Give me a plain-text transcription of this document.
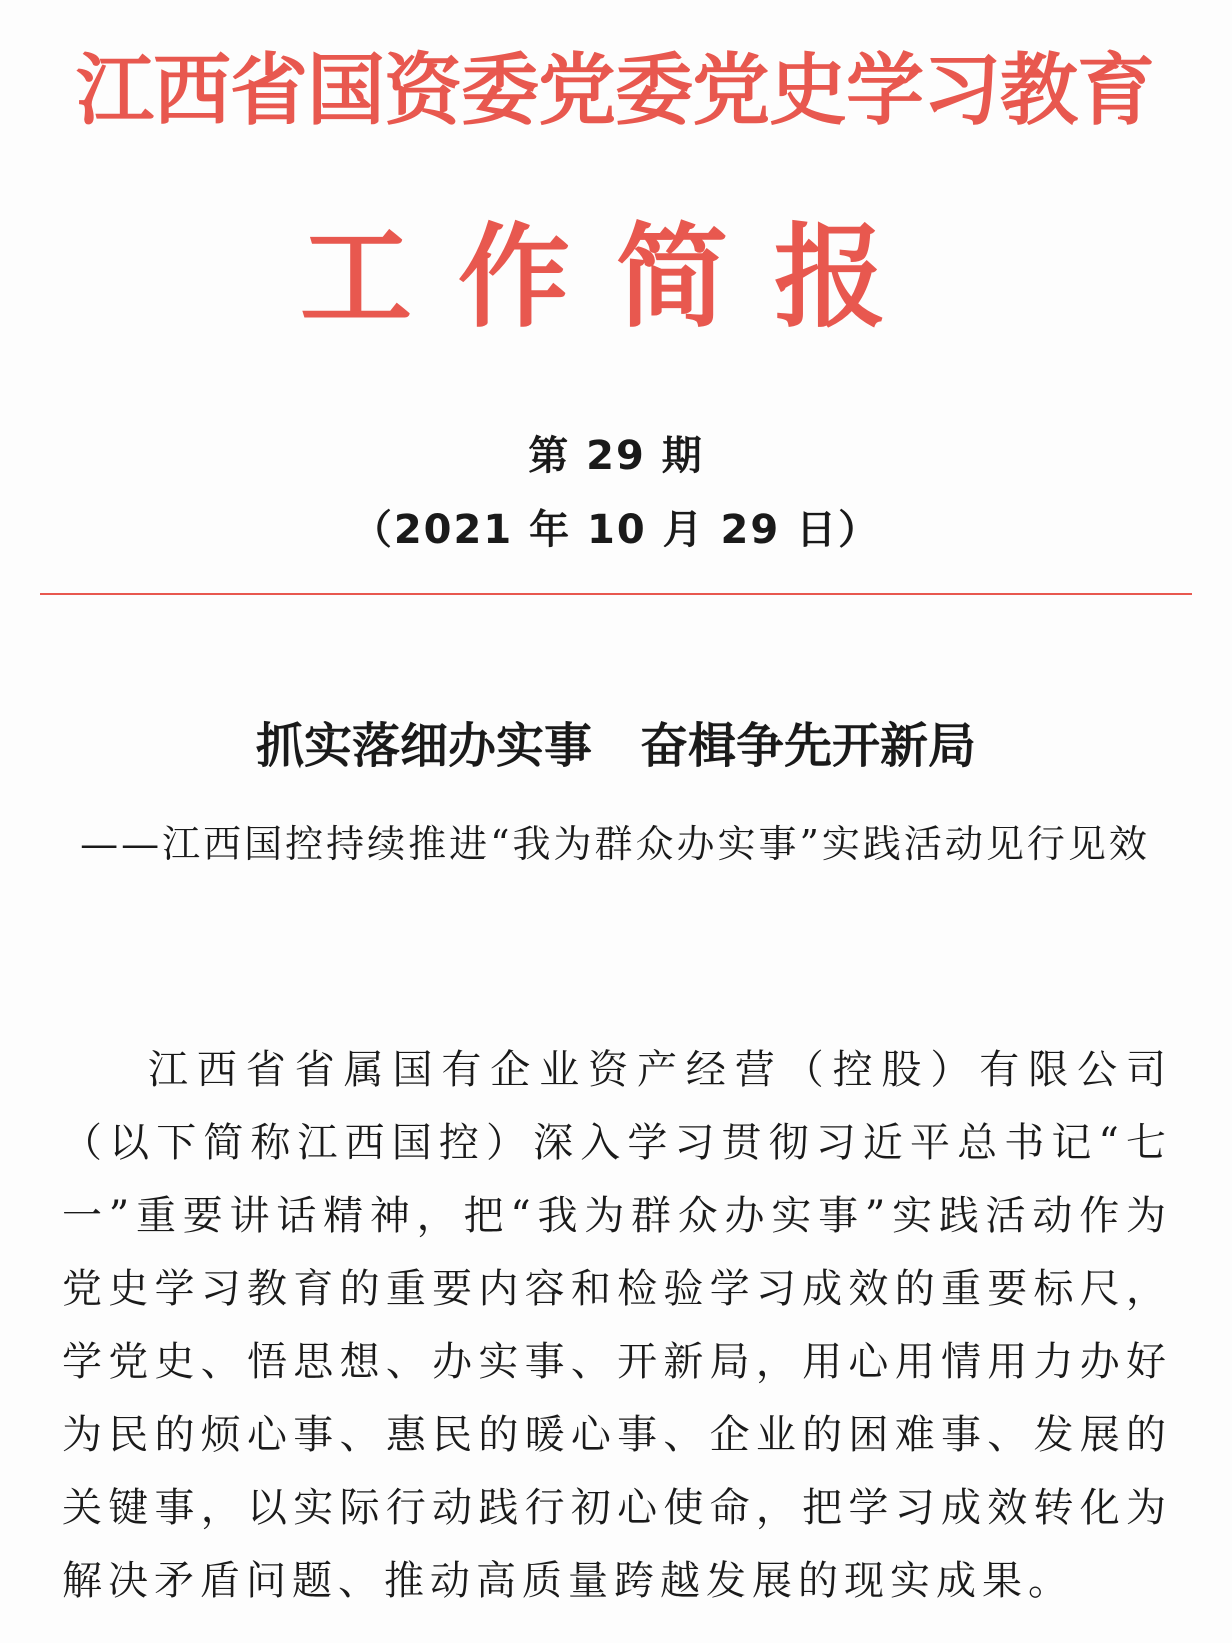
江西省国资委党委党史学习教育
工作简报
第 29 期
（2021 年 10 月 29 日）
抓实落细办实事　奋楫争先开新局
——江西国控持续推进“我为群众办实事”实践活动见行见效
江西省省属国有企业资产经营（控股）有限公司（以下简称江西国控）深入学习贯彻习近平总书记“七一”重要讲话精神，把“我为群众办实事”实践活动作为党史学习教育的重要内容和检验学习成效的重要标尺，学党史、悟思想、办实事、开新局，用心用情用力办好为民的烦心事、惠民的暖心事、企业的困难事、发展的关键事，以实际行动践行初心使命，把学习成效转化为解决矛盾问题、推动高质量跨越发展的现实成果。
